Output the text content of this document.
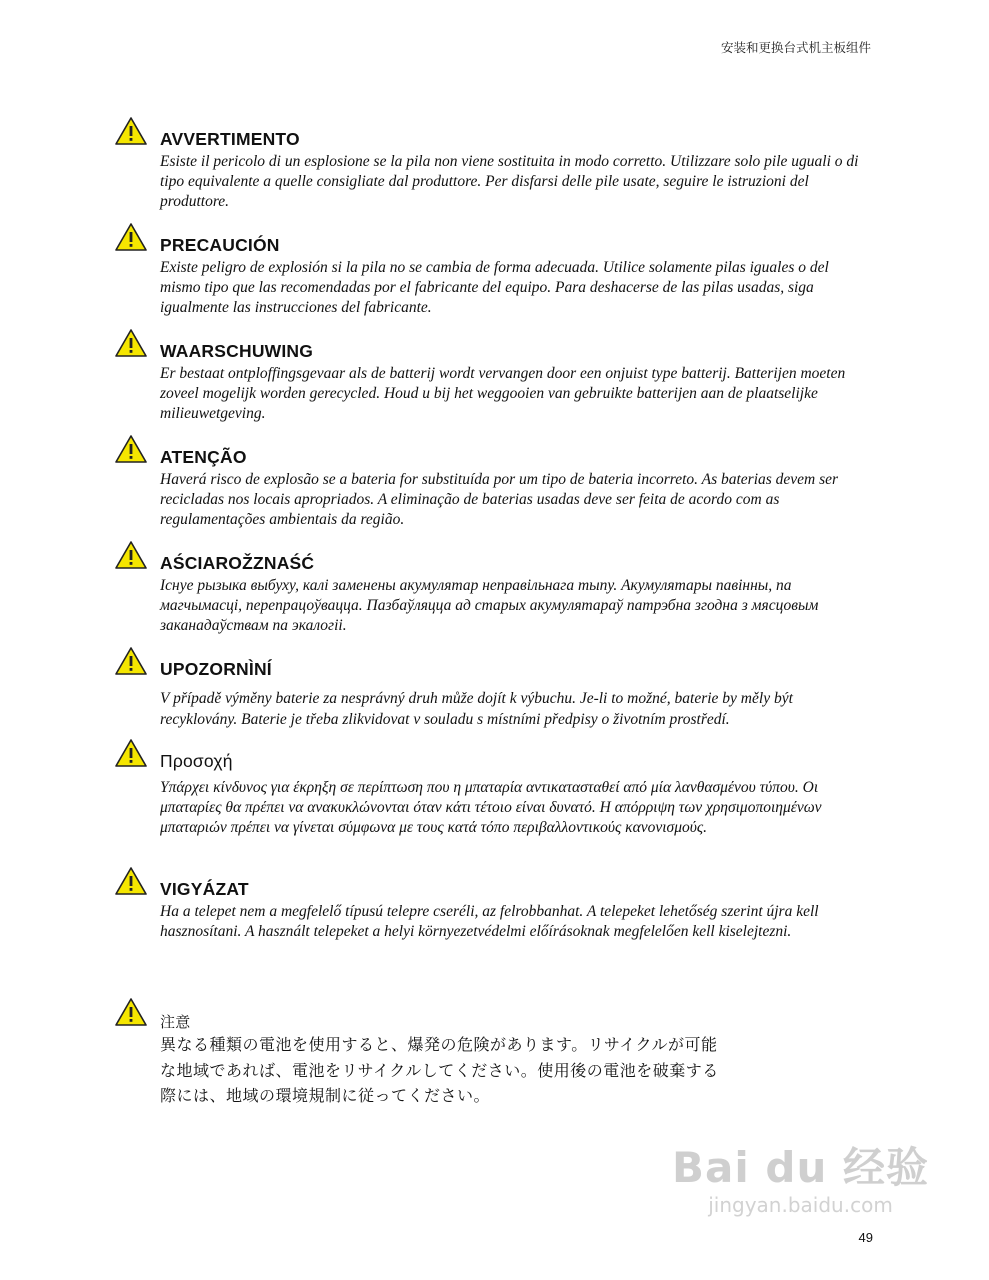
安装和更换台式机主板组件
AVVERTIMENTO
Esiste il pericolo di un esplosione se la pila non viene sostituita in modo corretto. Utilizzare solo pile uguali o di tipo equivalente a quelle consigliate dal produttore. Per disfarsi delle pile usate, seguire le istruzioni del produttore.
PRECAUCIÓN
Existe peligro de explosión si la pila no se cambia de forma adecuada. Utilice solamente pilas iguales o del mismo tipo que las recomendadas por el fabricante del equipo. Para deshacerse de las pilas usadas, siga igualmente las instrucciones del fabricante.
WAARSCHUWING
Er bestaat ontploffingsgevaar als de batterij wordt vervangen door een onjuist type batterij. Batterijen moeten zoveel mogelijk worden gerecycled. Houd u bij het weggooien van gebruikte batterijen aan de plaatselijke milieuwetgeving.
ATENÇÃO
Haverá risco de explosão se a bateria for substituída por um tipo de bateria incorreto. As baterias devem ser recicladas nos locais apropriados. A eliminação de baterias usadas deve ser feita de acordo com as regulamentações ambientais da região.
AŚCIAROŽZNAŚĆ
Існуе рызыка выбуху, калі заменены акумулятар неправільнага тыпу. Акумулятары павінны, па магчымасці, перепрацоўвацца. Пазбаўляцца ад старых акумулятараў патрэбна згодна з мясцовым заканадаўствам па экалогіі.
UPOZORNÌNÍ
V případě výměny baterie za nesprávný druh může dojít k výbuchu. Je-li to možné, baterie by měly být recyklovány. Baterie je třeba zlikvidovat v souladu s místními předpisy o životním prostředí.
Προσοχή
Υπάρχει κίνδυνος για έκρηξη σε περίπτωση που η μπαταρία αντικατασταθεί από μία λανθασμένου τύπου. Οι μπαταρίες θα πρέπει να ανακυκλώνονται όταν κάτι τέτοιο είναι δυνατό. Η απόρριψη των χρησιμοποιημένων μπαταριών πρέπει να γίνεται σύμφωνα με τους κατά τόπο περιβαλλοντικούς κανονισμούς.
VIGYÁZAT
Ha a telepet nem a megfelelő típusú telepre cseréli, az felrobbanhat. A telepeket lehetőség szerint újra kell hasznosítani. A használt telepeket a helyi környezetvédelmi előírásoknak megfelelően kell kiselejtezni.
注意
異なる種類の電池を使用すると、爆発の危険があります。リサイクルが可能な地域であれば、電池をリサイクルしてください。使用後の電池を破棄する際には、地域の環境規制に従ってください。
Bai du 经验
jingyan.baidu.com
49
